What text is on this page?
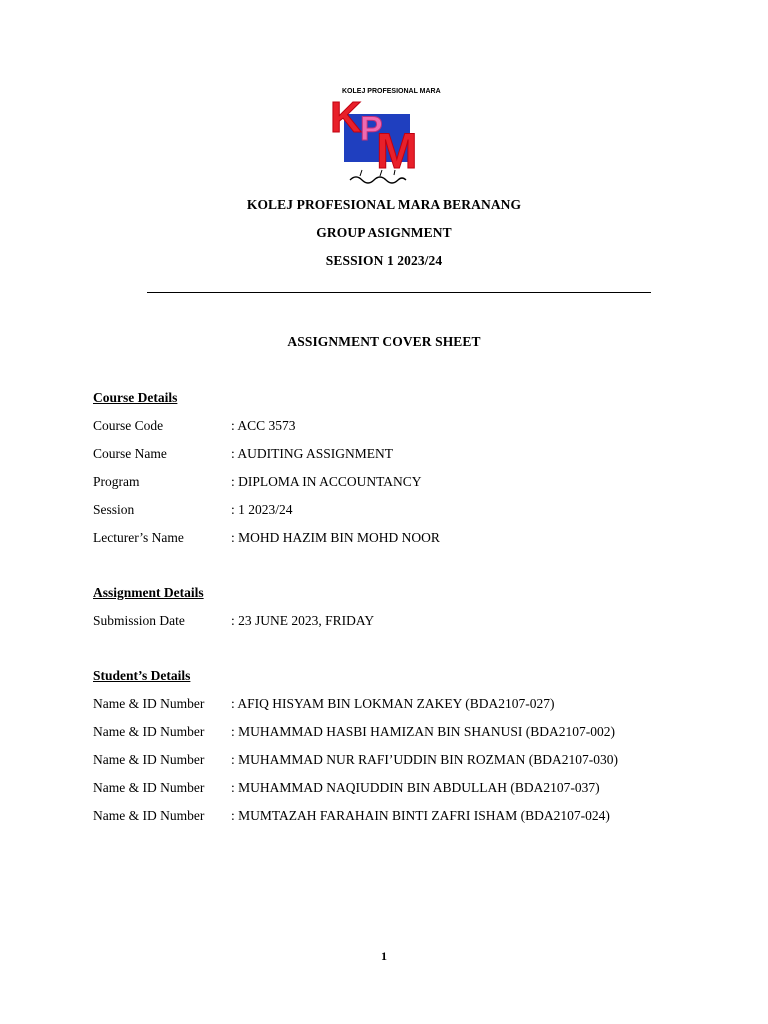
KOLEJ PROFESIONAL MARA
K
P
M
KOLEJ PROFESIONAL MARA BERANANG
GROUP ASIGNMENT
SESSION 1 2023/24
ASSIGNMENT COVER SHEET
Course Details
Course Code	: ACC 3573
Course Name	: AUDITING ASSIGNMENT
Program	: DIPLOMA IN ACCOUNTANCY
Session	: 1 2023/24
Lecturer’s Name	: MOHD HAZIM BIN MOHD NOOR
Assignment Details
Submission Date	: 23 JUNE 2023, FRIDAY
Student’s Details
Name & ID Number : AFIQ HISYAM BIN LOKMAN ZAKEY (BDA2107-027)
Name & ID Number : MUHAMMAD HASBI HAMIZAN BIN SHANUSI (BDA2107-002)
Name & ID Number : MUHAMMAD NUR RAFI’UDDIN BIN ROZMAN (BDA2107-030)
Name & ID Number : MUHAMMAD NAQIUDDIN BIN ABDULLAH (BDA2107-037)
Name & ID Number : MUMTAZAH FARAHAIN BINTI ZAFRI ISHAM (BDA2107-024)
1
